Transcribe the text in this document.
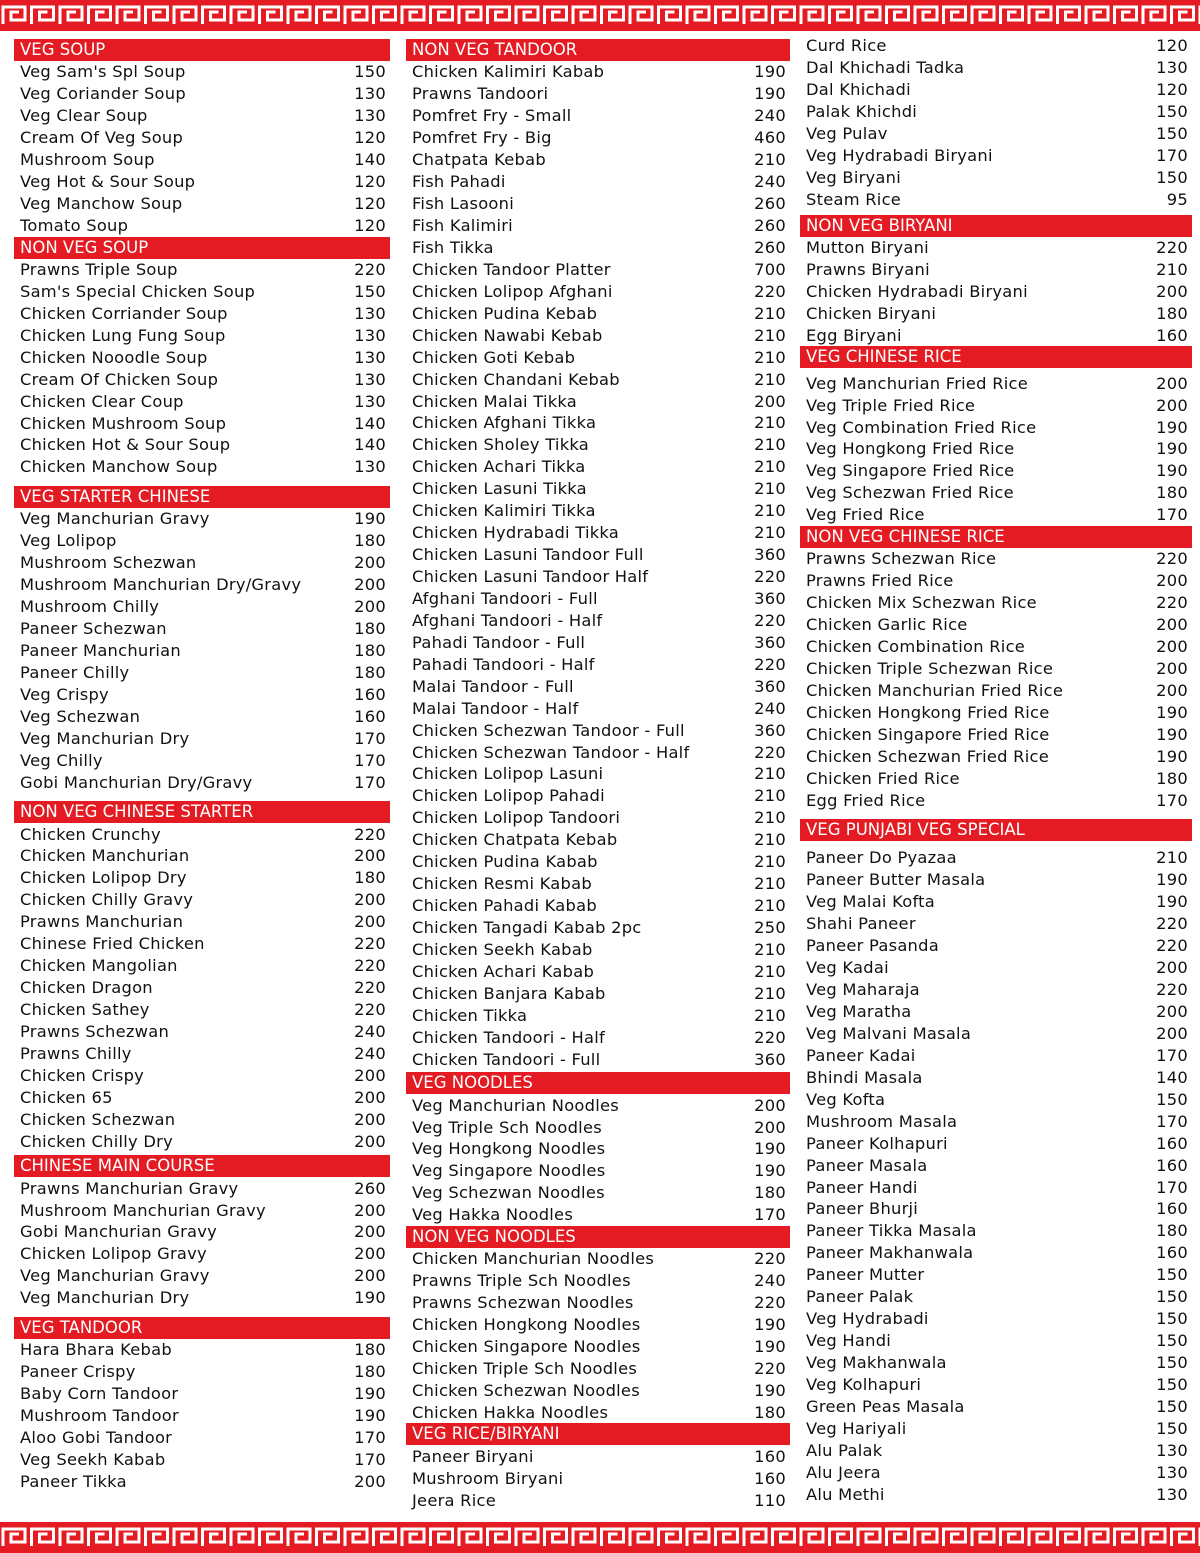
VEG SOUP
Veg Sam's Spl Soup	150
Veg Coriander Soup	130
Veg Clear Soup	130
Cream Of Veg Soup	120
Mushroom Soup	140
Veg Hot & Sour Soup	120
Veg Manchow Soup	120
Tomato Soup	120
NON VEG SOUP
Prawns Triple Soup	220
Sam's Special Chicken Soup	150
Chicken Corriander Soup	130
Chicken Lung Fung Soup	130
Chicken Nooodle Soup	130
Cream Of Chicken Soup	130
Chicken Clear Coup	130
Chicken Mushroom Soup	140
Chicken Hot & Sour Soup	140
Chicken Manchow Soup	130
VEG STARTER CHINESE
Veg Manchurian Gravy	190
Veg Lolipop	180
Mushroom Schezwan	200
Mushroom Manchurian Dry/Gravy	200
Mushroom Chilly	200
Paneer Schezwan	180
Paneer Manchurian	180
Paneer Chilly	180
Veg Crispy	160
Veg Schezwan	160
Veg Manchurian Dry	170
Veg Chilly	170
Gobi Manchurian Dry/Gravy	170
NON VEG CHINESE STARTER
Chicken Crunchy	220
Chicken Manchurian	200
Chicken Lolipop Dry	180
Chicken Chilly Gravy	200
Prawns Manchurian	200
Chinese Fried Chicken	220
Chicken Mangolian	220
Chicken Dragon	220
Chicken Sathey	220
Prawns Schezwan	240
Prawns Chilly	240
Chicken Crispy	200
Chicken 65	200
Chicken Schezwan	200
Chicken Chilly Dry	200
CHINESE MAIN COURSE
Prawns Manchurian Gravy	260
Mushroom Manchurian Gravy	200
Gobi Manchurian Gravy	200
Chicken Lolipop Gravy	200
Veg Manchurian Gravy	200
Veg Manchurian Dry	190
VEG TANDOOR
Hara Bhara Kebab	180
Paneer Crispy	180
Baby Corn Tandoor	190
Mushroom Tandoor	190
Aloo Gobi Tandoor	170
Veg Seekh Kabab	170
Paneer Tikka	200
NON VEG TANDOOR
Chicken Kalimiri Kabab	190
Prawns Tandoori	190
Pomfret Fry - Small	240
Pomfret Fry - Big	460
Chatpata Kebab	210
Fish Pahadi	240
Fish Lasooni	260
Fish Kalimiri	260
Fish Tikka	260
Chicken Tandoor Platter	700
Chicken Lolipop Afghani	220
Chicken Pudina Kebab	210
Chicken Nawabi Kebab	210
Chicken Goti Kebab	210
Chicken Chandani Kebab	210
Chicken Malai Tikka	200
Chicken Afghani Tikka	210
Chicken Sholey Tikka	210
Chicken Achari Tikka	210
Chicken Lasuni Tikka	210
Chicken Kalimiri Tikka	210
Chicken Hydrabadi Tikka	210
Chicken Lasuni Tandoor Full	360
Chicken Lasuni Tandoor Half	220
Afghani Tandoori - Full	360
Afghani Tandoori - Half	220
Pahadi Tandoor - Full	360
Pahadi Tandoori - Half	220
Malai Tandoor - Full	360
Malai Tandoor - Half	240
Chicken Schezwan Tandoor - Full	360
Chicken Schezwan Tandoor - Half	220
Chicken Lolipop Lasuni	210
Chicken Lolipop Pahadi	210
Chicken Lolipop Tandoori	210
Chicken Chatpata Kebab	210
Chicken Pudina Kabab	210
Chicken Resmi Kabab	210
Chicken Pahadi Kabab	210
Chicken Tangadi Kabab 2pc	250
Chicken Seekh Kabab	210
Chicken Achari Kabab	210
Chicken Banjara Kabab	210
Chicken Tikka	210
Chicken Tandoori - Half	220
Chicken Tandoori - Full	360
VEG NOODLES
Veg Manchurian Noodles	200
Veg Triple Sch Noodles	200
Veg Hongkong Noodles	190
Veg Singapore Noodles	190
Veg Schezwan Noodles	180
Veg Hakka Noodles	170
NON VEG NOODLES
Chicken Manchurian Noodles	220
Prawns Triple Sch Noodles	240
Prawns Schezwan Noodles	220
Chicken Hongkong Noodles	190
Chicken Singapore Noodles	190
Chicken Triple Sch Noodles	220
Chicken Schezwan Noodles	190
Chicken Hakka Noodles	180
VEG RICE/BIRYANI
Paneer Biryani	160
Mushroom Biryani	160
Jeera Rice	110
Curd Rice	120
Dal Khichadi Tadka	130
Dal Khichadi	120
Palak Khichdi	150
Veg Pulav	150
Veg Hydrabadi Biryani	170
Veg Biryani	150
Steam Rice	95
NON VEG BIRYANI
Mutton Biryani	220
Prawns Biryani	210
Chicken Hydrabadi Biryani	200
Chicken Biryani	180
Egg Biryani	160
VEG CHINESE RICE
Veg Manchurian Fried Rice	200
Veg Triple Fried Rice	200
Veg Combination Fried Rice	190
Veg Hongkong Fried Rice	190
Veg Singapore Fried Rice	190
Veg Schezwan Fried Rice	180
Veg Fried Rice	170
NON VEG CHINESE RICE
Prawns Schezwan Rice	220
Prawns Fried Rice	200
Chicken Mix Schezwan Rice	220
Chicken Garlic Rice	200
Chicken Combination Rice	200
Chicken Triple Schezwan Rice	200
Chicken Manchurian Fried Rice	200
Chicken Hongkong Fried Rice	190
Chicken Singapore Fried Rice	190
Chicken Schezwan Fried Rice	190
Chicken Fried Rice	180
Egg Fried Rice	170
VEG PUNJABI VEG SPECIAL
Paneer Do Pyazaa	210
Paneer Butter Masala	190
Veg Malai Kofta	190
Shahi Paneer	220
Paneer Pasanda	220
Veg Kadai	200
Veg Maharaja	220
Veg Maratha	200
Veg Malvani Masala	200
Paneer Kadai	170
Bhindi Masala	140
Veg Kofta	150
Mushroom Masala	170
Paneer Kolhapuri	160
Paneer Masala	160
Paneer Handi	170
Paneer Bhurji	160
Paneer Tikka Masala	180
Paneer Makhanwala	160
Paneer Mutter	150
Paneer Palak	150
Veg Hydrabadi	150
Veg Handi	150
Veg Makhanwala	150
Veg Kolhapuri	150
Green Peas Masala	150
Veg Hariyali	150
Alu Palak	130
Alu Jeera	130
Alu Methi	130
